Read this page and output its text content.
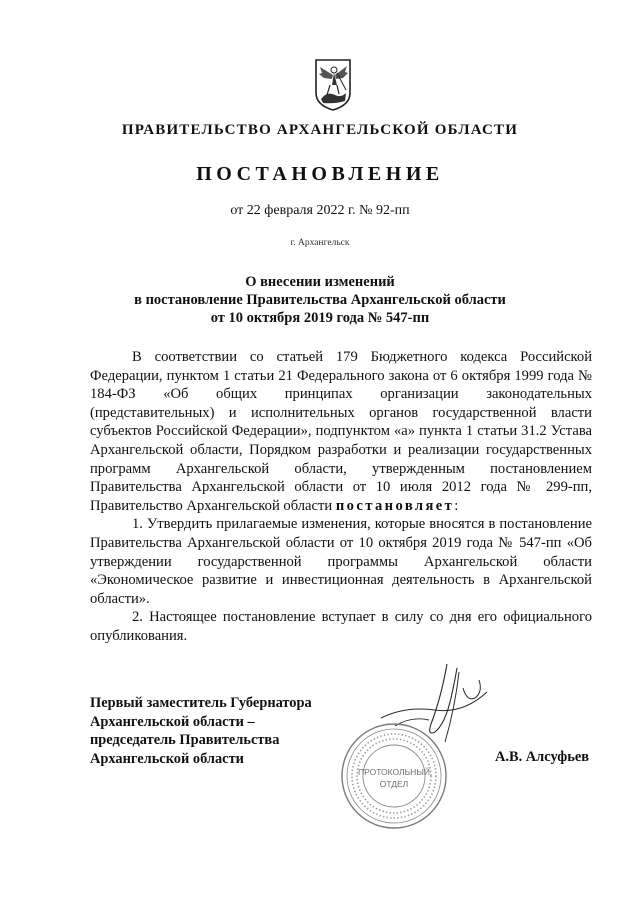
ПРАВИТЕЛЬСТВО АРХАНГЕЛЬСКОЙ ОБЛАСТИ
ПОСТАНОВЛЕНИЕ
от 22 февраля 2022 г. № 92-пп
г. Архангельск
О внесении изменений
в постановление Правительства Архангельской области
от 10 октября 2019 года № 547-пп

В соответствии со статьей 179 Бюджетного кодекса Российской Федерации, пунктом 1 статьи 21 Федерального закона от 6 октября 1999 года № 184-ФЗ «Об общих принципах организации законодательных (представительных) и исполнительных органов государственной власти субъектов Российской Федерации», подпунктом «а» пункта 1 статьи 31.2 Устава Архангельской области, Порядком разработки и реализации государственных программ Архангельской области, утвержденным постановлением Правительства Архангельской области от 10 июля 2012 года № 299-пп, Правительство Архангельской области постановляет:

1. Утвердить прилагаемые изменения, которые вносятся в постановление Правительства Архангельской области от 10 октября 2019 года № 547-пп «Об утверждении государственной программы Архангельской области «Экономическое развитие и инвестиционная деятельность в Архангельской области».

2. Настоящее постановление вступает в силу со дня его официального опубликования.

Первый заместитель Губернатора
Архангельской области –
председатель Правительства
Архангельской области	А.В. Алсуфьев
ПРОТОКОЛЬНЫЙ
ОТДЕЛ
